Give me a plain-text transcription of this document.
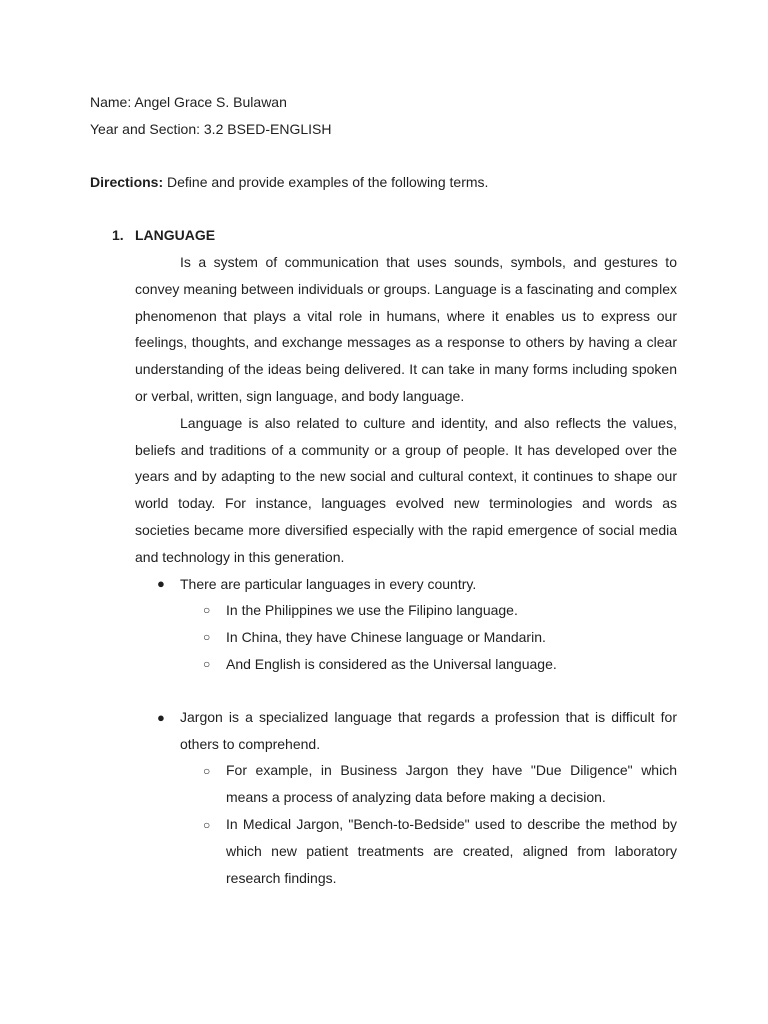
Name: Angel Grace S. Bulawan
Year and Section: 3.2 BSED-ENGLISH
Directions: Define and provide examples of the following terms.
1. LANGUAGE

Is a system of communication that uses sounds, symbols, and gestures to convey meaning between individuals or groups. Language is a fascinating and complex phenomenon that plays a vital role in humans, where it enables us to express our feelings, thoughts, and exchange messages as a response to others by having a clear understanding of the ideas being delivered. It can take in many forms including spoken or verbal, written, sign language, and body language.

Language is also related to culture and identity, and also reflects the values, beliefs and traditions of a community or a group of people. It has developed over the years and by adapting to the new social and cultural context, it continues to shape our world today. For instance, languages evolved new terminologies and words as societies became more diversified especially with the rapid emergence of social media and technology in this generation.

● There are particular languages in every country.
○ In the Philippines we use the Filipino language.
○ In China, they have Chinese language or Mandarin.
○ And English is considered as the Universal language.
● Jargon is a specialized language that regards a profession that is difficult for others to comprehend.
○ For example, in Business Jargon they have "Due Diligence" which means a process of analyzing data before making a decision.
○ In Medical Jargon, "Bench-to-Bedside" used to describe the method by which new patient treatments are created, aligned from laboratory research findings.
